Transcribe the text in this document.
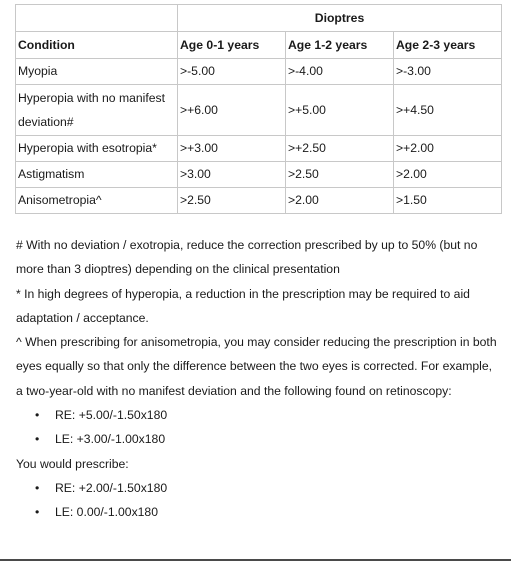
	Dioptres		
Condition	Age 0-1 years	Age 1-2 years	Age 2-3 years
Myopia	>-5.00	>-4.00	>-3.00
Hyperopia with no manifest deviation#	>+6.00	>+5.00	>+4.50
Hyperopia with esotropia*	>+3.00	>+2.50	>+2.00
Astigmatism	>3.00	>2.50	>2.00
Anisometropia^	>2.50	>2.00	>1.50

# With no deviation / exotropia, reduce the correction prescribed by up to 50% (but no more than 3 dioptres) depending on the clinical presentation

* In high degrees of hyperopia, a reduction in the prescription may be required to aid adaptation / acceptance.

^ When prescribing for anisometropia, you may consider reducing the prescription in both eyes equally so that only the difference between the two eyes is corrected. For example, a two-year-old with no manifest deviation and the following found on retinoscopy:

• RE: +5.00/-1.50x180
• LE: +3.00/-1.00x180

You would prescribe:

• RE: +2.00/-1.50x180
• LE: 0.00/-1.00x180
